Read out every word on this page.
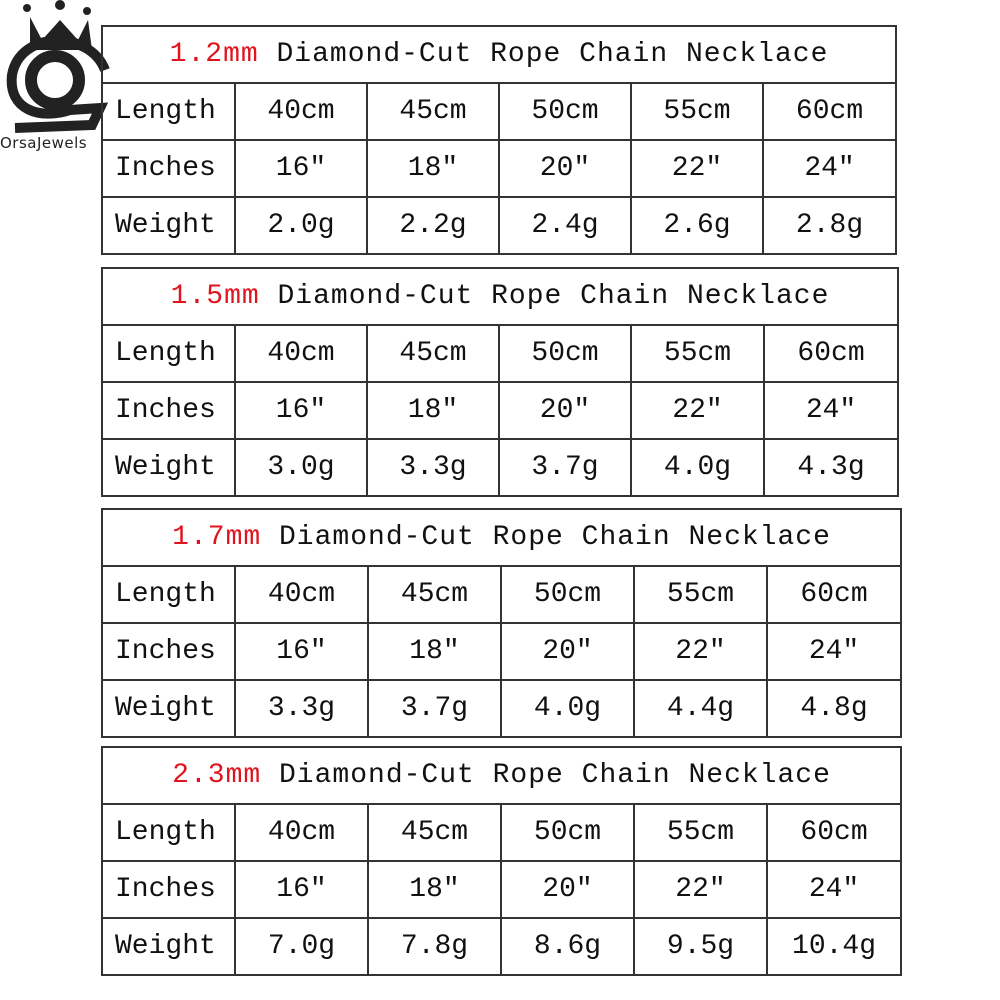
OrsaJewels
1.2mm Diamond-Cut Rope Chain Necklace					
Length	40cm	45cm	50cm	55cm	60cm
Inches	16″	18″	20″	22″	24″
Weight	2.0g	2.2g	2.4g	2.6g	2.8g
1.5mm Diamond-Cut Rope Chain Necklace					
Length	40cm	45cm	50cm	55cm	60cm
Inches	16″	18″	20″	22″	24″
Weight	3.0g	3.3g	3.7g	4.0g	4.3g
1.7mm Diamond-Cut Rope Chain Necklace					
Length	40cm	45cm	50cm	55cm	60cm
Inches	16″	18″	20″	22″	24″
Weight	3.3g	3.7g	4.0g	4.4g	4.8g
2.3mm Diamond-Cut Rope Chain Necklace					
Length	40cm	45cm	50cm	55cm	60cm
Inches	16″	18″	20″	22″	24″
Weight	7.0g	7.8g	8.6g	9.5g	10.4g
